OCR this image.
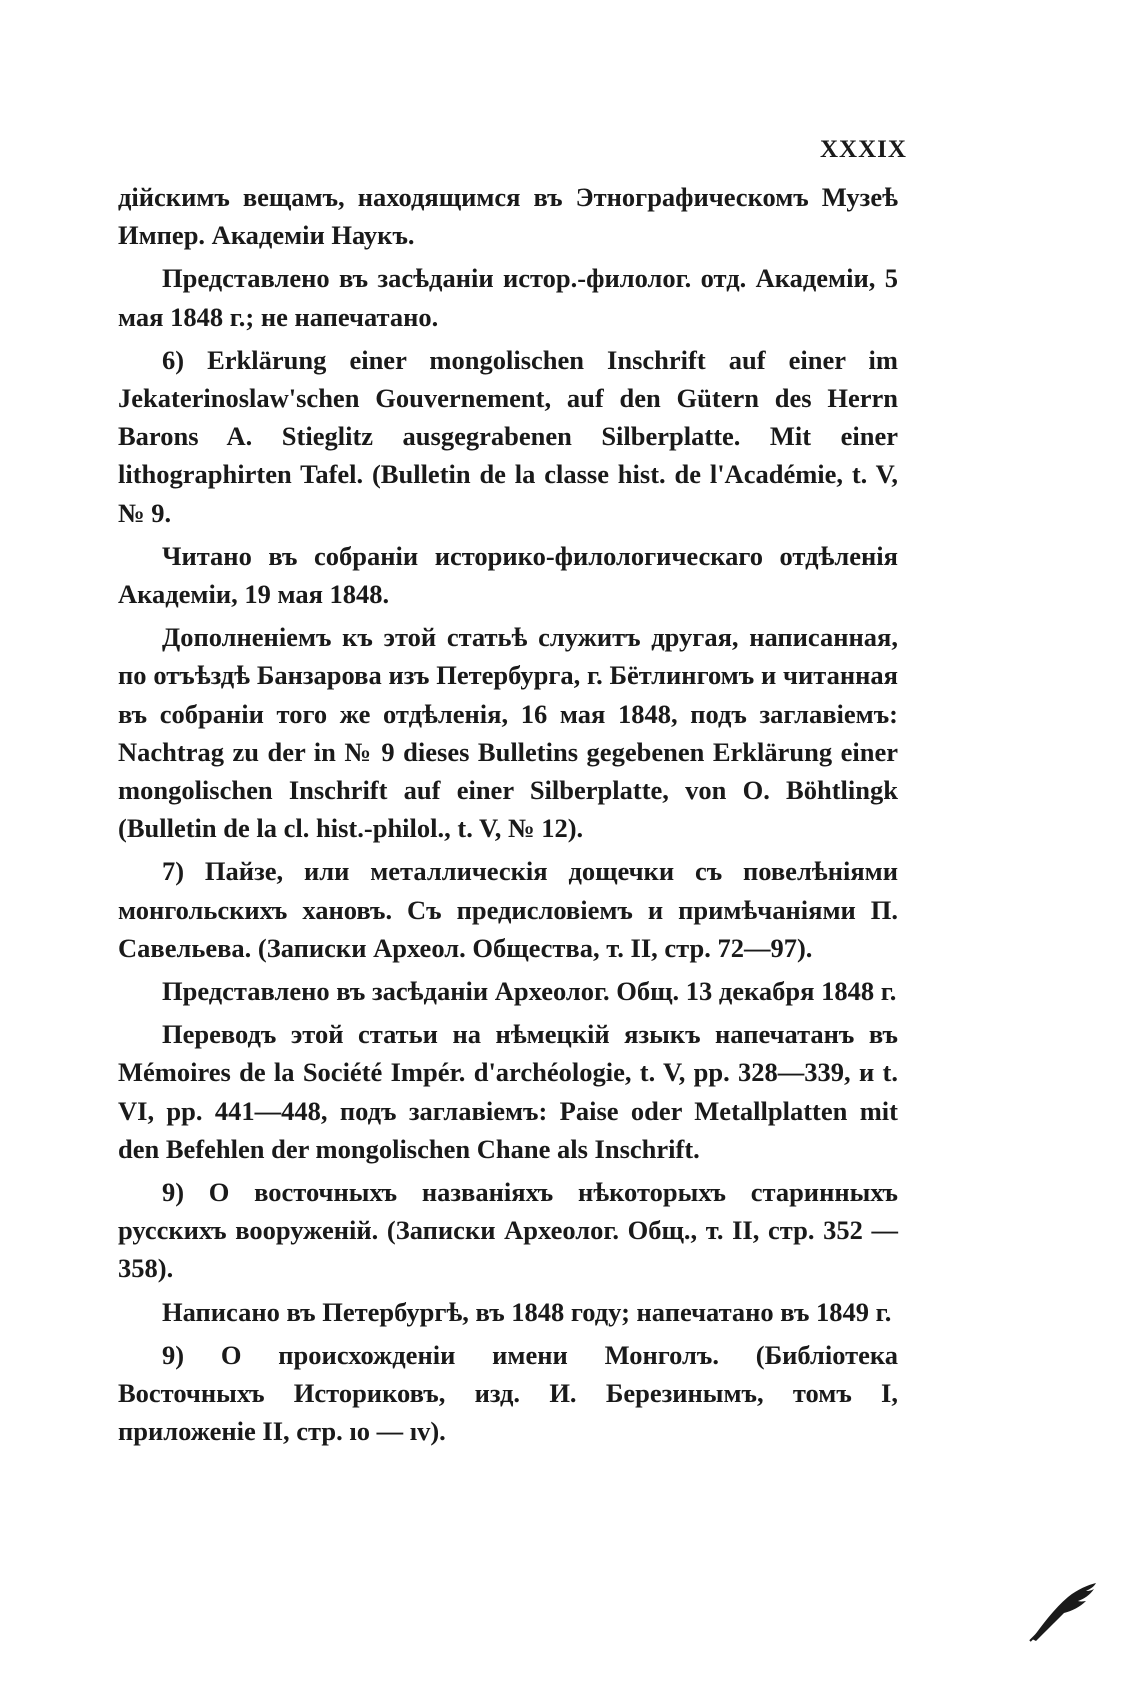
XXXIX

дійскимъ вещамъ, находящимся въ Этнографическомъ Музеѣ Импер. Академіи Наукъ.

Представлено въ засѣданіи истор.-филолог. отд. Академіи, 5 мая 1848 г.; не напечатано.

6) Erklärung einer mongolischen Inschrift auf einer im Jekaterinoslaw'schen Gouvernement, auf den Gütern des Herrn Barons A. Stieglitz ausgegrabenen Silberplatte. Mit einer lithographirten Tafel. (Bulletin de la classe hist. de l'Académie, t. V, № 9.

Читано въ собраніи историко-филологическаго отдѣленія Академіи, 19 мая 1848.

Дополненіемъ къ этой статьѣ служитъ другая, написанная, по отъѣздѣ Банзарова изъ Петербурга, г. Бётлингомъ и читанная въ собраніи того же отдѣленія, 16 мая 1848, подъ заглавіемъ: Nachtrag zu der in № 9 dieses Bulletins gegebenen Erklärung einer mongolischen Inschrift auf einer Silberplatte, von O. Böhtlingk (Bulletin de la cl. hist.-philol., t. V, № 12).

7) Пайзе, или металлическія дощечки съ повелѣніями монгольскихъ хановъ. Съ предисловіемъ и примѣчаніями П. Савельева. (Записки Археол. Общества, т. II, стр. 72—97).

Представлено въ засѣданіи Археолог. Общ. 13 декабря 1848 г.

Переводъ этой статьи на нѣмецкій языкъ напечатанъ въ Mémoires de la Société Impér. d'archéologie, t. V, pp. 328—339, и t. VI, pp. 441—448, подъ заглавіемъ: Paise oder Metallplatten mit den Befehlen der mongolischen Chane als Inschrift.

9) О восточныхъ названіяхъ нѣкоторыхъ старинныхъ русскихъ вооруженій. (Записки Археолог. Общ., т. II, стр. 352 — 358).

Написано въ Петербургѣ, въ 1848 году; напечатано въ 1849 г.

9) О происхожденіи имени Монголъ. (Библіотека Восточныхъ Историковъ, изд. И. Березинымъ, томъ I, приложеніе II, стр. ıo — ıv).
